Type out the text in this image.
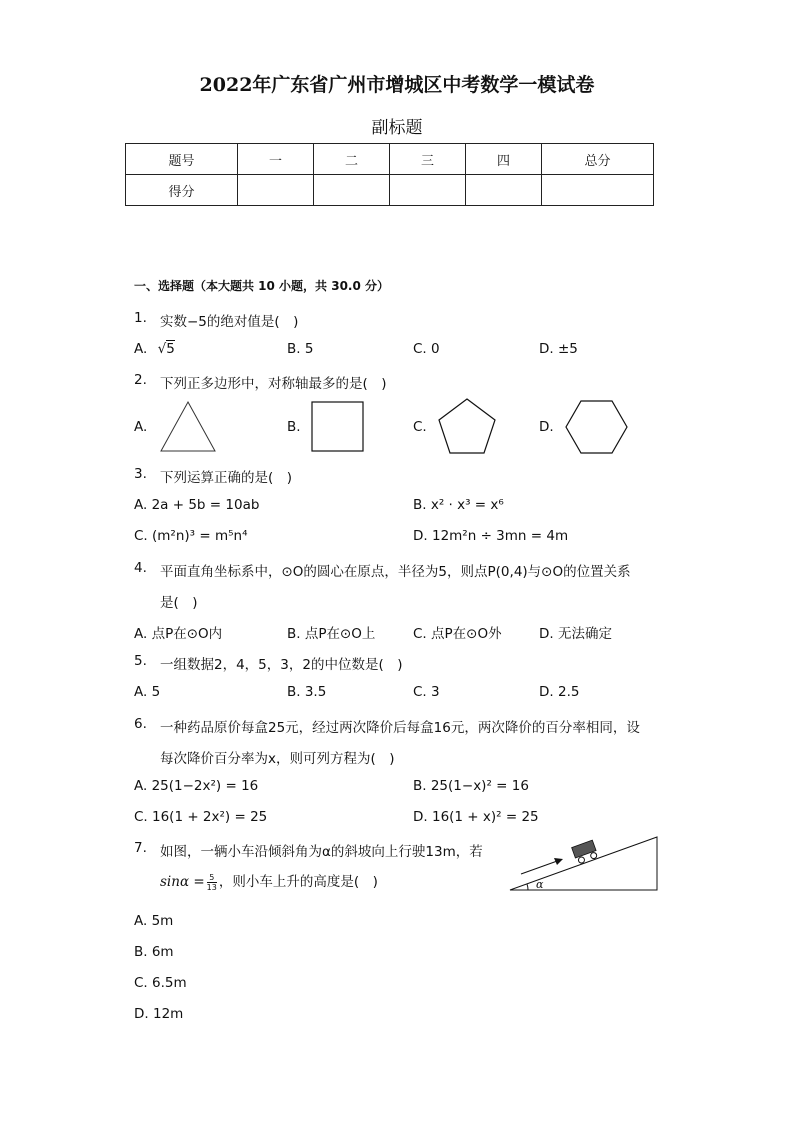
2022年广东省广州市增城区中考数学一模试卷
副标题
题号	一	二	三	四	总分
得分					
一、选择题（本大题共 10 小题，共 30.0 分）
1. 实数−5的绝对值是( )
A. √5	B. 5	C. 0	D. ±5
2. 下列正多边形中，对称轴最多的是( )
A.	B.	C.	D.
3. 下列运算正确的是( )
A. 2a + 5b = 10ab	B. x² ⋅ x³ = x⁶
C. (m²n)³ = m⁵n⁴	D. 12m²n ÷ 3mn = 4m
4. 平面直角坐标系中，⊙O的圆心在原点，半径为5，则点P(0,4)与⊙O的位置关系
是( )
A. 点P在⊙O内	B. 点P在⊙O上	C. 点P在⊙O外	D. 无法确定
5. 一组数据2，4，5，3，2的中位数是( )
A. 5	B. 3.5	C. 3	D. 2.5
6. 一种药品原价每盒25元，经过两次降价后每盒16元，两次降价的百分率相同，设
每次降价百分率为x，则可列方程为( )
A. 25(1−2x²) = 16	B. 25(1−x)² = 16
C. 16(1 + 2x²) = 25	D. 16(1 + x)² = 25
7. 如图，一辆小车沿倾斜角为α的斜坡向上行驶13m，若
$\sin\alpha = \frac{5}{13}$ ，则小车上升的高度是( )	α
A. 5m
B. 6m
C. 6.5m
D. 12m
